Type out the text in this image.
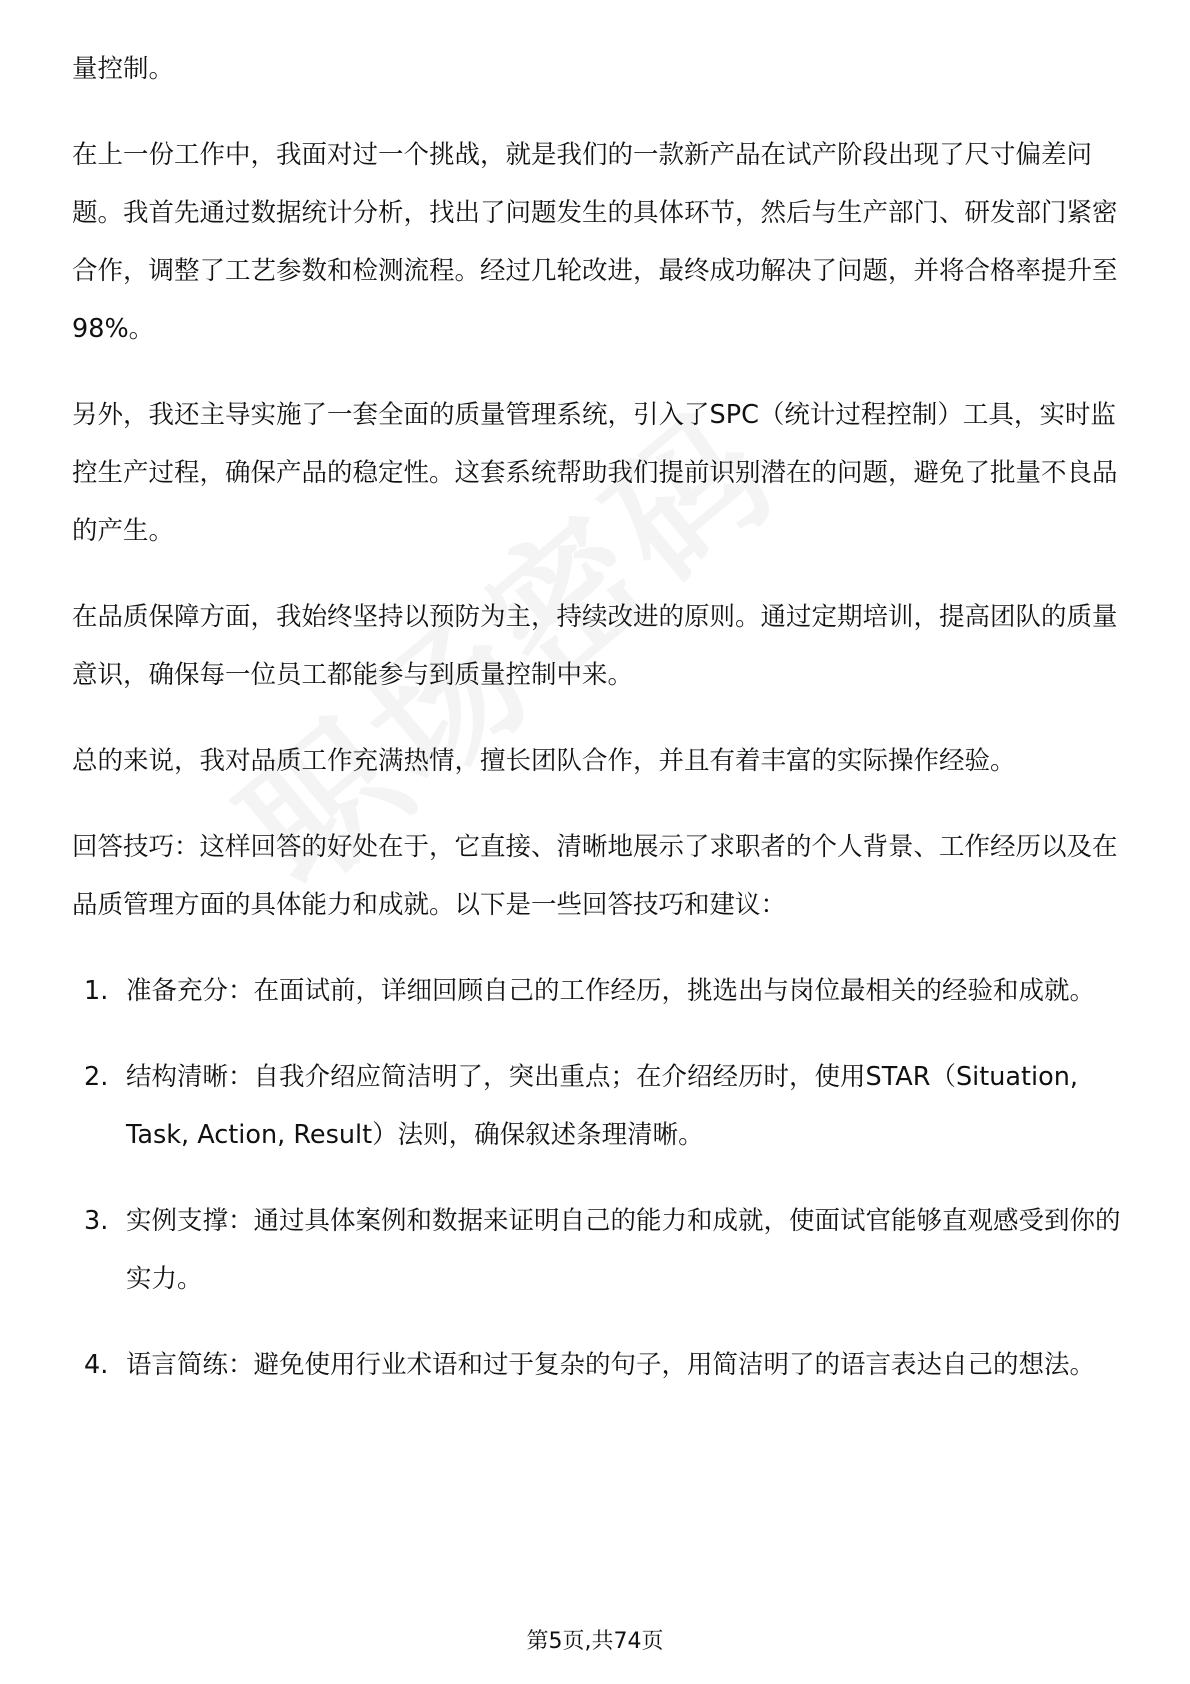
量控制。

在上一份工作中，我面对过一个挑战，就是我们的一款新产品在试产阶段出现了尺寸偏差问题。我首先通过数据统计分析，找出了问题发生的具体环节，然后与生产部门、研发部门紧密合作，调整了工艺参数和检测流程。经过几轮改进，最终成功解决了问题，并将合格率提升至98%。

另外，我还主导实施了一套全面的质量管理系统，引入了SPC（统计过程控制）工具，实时监控生产过程，确保产品的稳定性。这套系统帮助我们提前识别潜在的问题，避免了批量不良品的产生。

在品质保障方面，我始终坚持以预防为主，持续改进的原则。通过定期培训，提高团队的质量意识，确保每一位员工都能参与到质量控制中来。

总的来说，我对品质工作充满热情，擅长团队合作，并且有着丰富的实际操作经验。

回答技巧：这样回答的好处在于，它直接、清晰地展示了求职者的个人背景、工作经历以及在品质管理方面的具体能力和成就。以下是一些回答技巧和建议：

1. 准备充分：在面试前，详细回顾自己的工作经历，挑选出与岗位最相关的经验和成就。
2. 结构清晰：自我介绍应简洁明了，突出重点；在介绍经历时，使用STAR（Situation, Task, Action, Result）法则，确保叙述条理清晰。
3. 实例支撑：通过具体案例和数据来证明自己的能力和成就，使面试官能够直观感受到你的实力。
4. 语言简练：避免使用行业术语和过于复杂的句子，用简洁明了的语言表达自己的想法。
第5页,共74页
